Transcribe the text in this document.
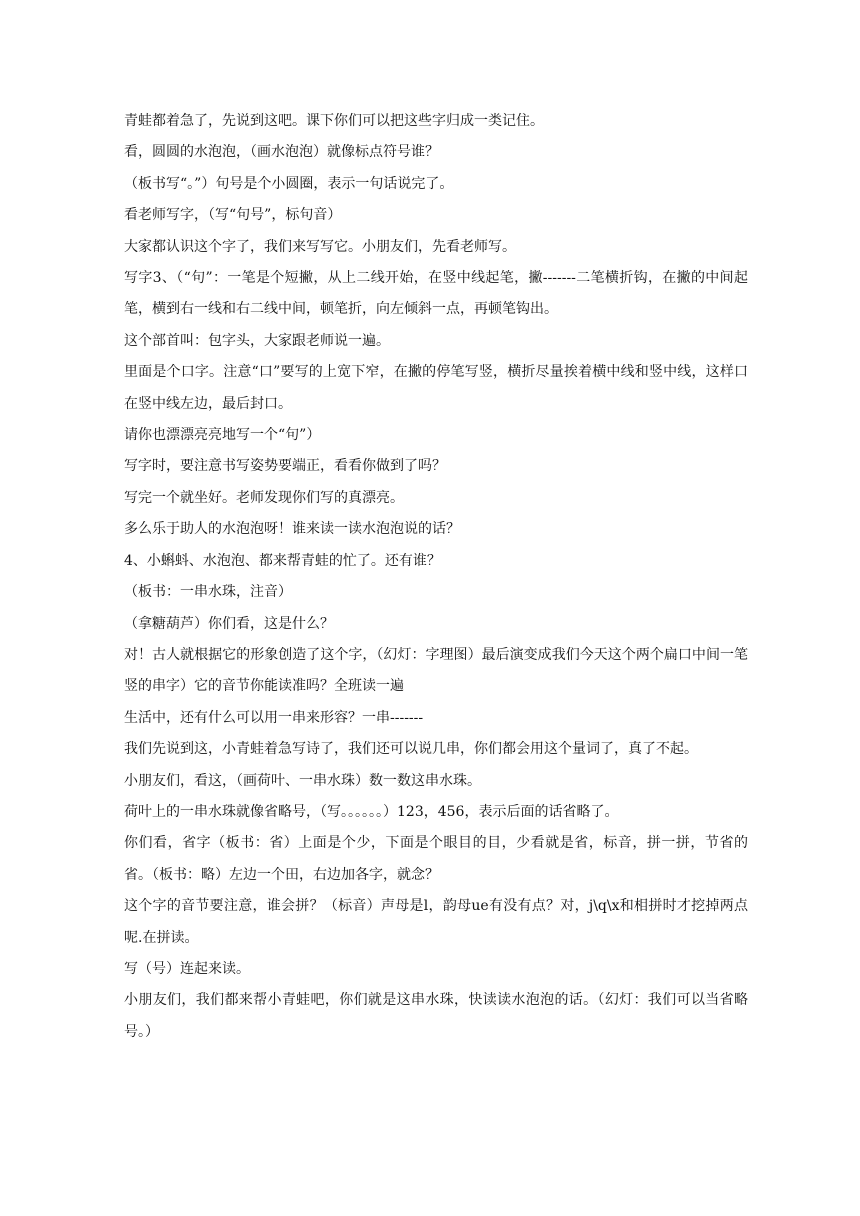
青蛙都着急了，先说到这吧。课下你们可以把这些字归成一类记住。

看，圆圆的水泡泡，（画水泡泡）就像标点符号谁？

（板书写“。”）句号是个小圆圈，表示一句话说完了。

看老师写字，（写“句号”，标句音）

大家都认识这个字了，我们来写写它。小朋友们，先看老师写。

写字3、（“句”：一笔是个短撇，从上二线开始，在竖中线起笔，撇-------二笔横折钩，在撇的中间起笔，横到右一线和右二线中间，顿笔折，向左倾斜一点，再顿笔钩出。

这个部首叫：包字头，大家跟老师说一遍。

里面是个口字。注意“口”要写的上宽下窄，在撇的停笔写竖，横折尽量挨着横中线和竖中线，这样口在竖中线左边，最后封口。

请你也漂漂亮亮地写一个“句”）

写字时，要注意书写姿势要端正，看看你做到了吗？

写完一个就坐好。老师发现你们写的真漂亮。

多么乐于助人的水泡泡呀！谁来读一读水泡泡说的话？

4、小蝌蚪、水泡泡、都来帮青蛙的忙了。还有谁？

（板书：一串水珠，注音）

（拿糖葫芦）你们看，这是什么？

对！古人就根据它的形象创造了这个字，（幻灯：字理图）最后演变成我们今天这个两个扁口中间一笔竖的串字）它的音节你能读准吗？全班读一遍

生活中，还有什么可以用一串来形容？一串-------

我们先说到这，小青蛙着急写诗了，我们还可以说几串，你们都会用这个量词了，真了不起。

小朋友们，看这，（画荷叶、一串水珠）数一数这串水珠。

荷叶上的一串水珠就像省略号，（写。。。。。。）123，456，表示后面的话省略了。

你们看，省字（板书：省）上面是个少，下面是个眼目的目，少看就是省，标音，拼一拼，节省的省。（板书：略）左边一个田，右边加各字，就念？

这个字的音节要注意，谁会拼？（标音）声母是l，韵母ue有没有点？对，j\q\x和相拼时才挖掉两点呢.在拼读。

写（号）连起来读。

小朋友们，我们都来帮小青蛙吧，你们就是这串水珠，快读读水泡泡的话。（幻灯：我们可以当省略号。）
